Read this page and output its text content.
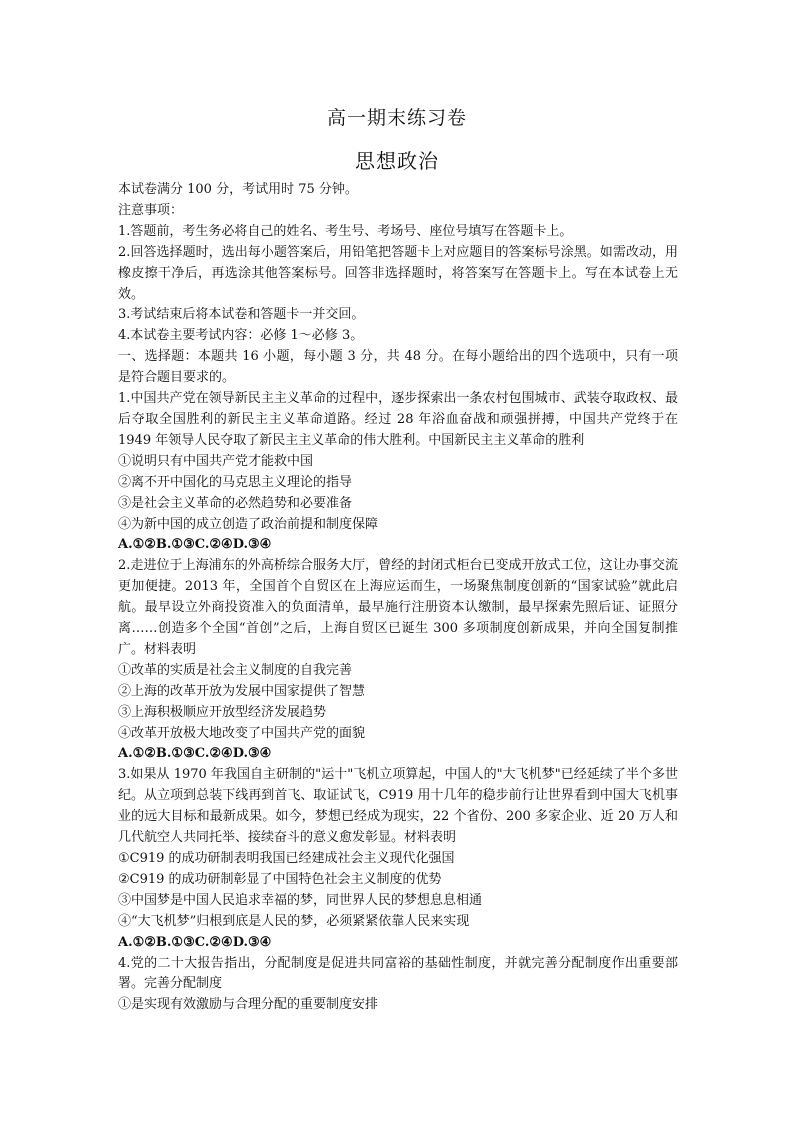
高一期末练习卷
思想政治

本试卷满分 100 分，考试用时 75 分钟。

注意事项：

1.答题前，考生务必将自己的姓名、考生号、考场号、座位号填写在答题卡上。

2.回答选择题时，选出每小题答案后，用铅笔把答题卡上对应题目的答案标号涂黑。如需改动，用橡皮擦干净后，再选涂其他答案标号。回答非选择题时，将答案写在答题卡上。写在本试卷上无效。

3.考试结束后将本试卷和答题卡一并交回。

4.本试卷主要考试内容：必修 1～必修 3。

一、选择题：本题共 16 小题，每小题 3 分，共 48 分。在每小题给出的四个选项中，只有一项是符合题目要求的。

1.中国共产党在领导新民主主义革命的过程中，逐步探索出一条农村包围城市、武装夺取政权、最后夺取全国胜利的新民主主义革命道路。经过 28 年浴血奋战和顽强拼搏，中国共产党终于在 1949 年领导人民夺取了新民主主义革命的伟大胜利。中国新民主主义革命的胜利

①说明只有中国共产党才能救中国

②离不开中国化的马克思主义理论的指导

③是社会主义革命的必然趋势和必要准备

④为新中国的成立创造了政治前提和制度保障

A.①②B.①③C.②④D.③④

2.走进位于上海浦东的外高桥综合服务大厅，曾经的封闭式柜台已变成开放式工位，这让办事交流更加便捷。2013 年，全国首个自贸区在上海应运而生，一场聚焦制度创新的“国家试验”就此启航。最早设立外商投资准入的负面清单，最早施行注册资本认缴制，最早探索先照后证、证照分离……创造多个全国“首创”之后，上海自贸区已诞生 300 多项制度创新成果，并向全国复制推广。材料表明

①改革的实质是社会主义制度的自我完善

②上海的改革开放为发展中国家提供了智慧

③上海积极顺应开放型经济发展趋势

④改革开放极大地改变了中国共产党的面貌

A.①②B.①③C.②④D.③④

3.如果从 1970 年我国自主研制的"运十"飞机立项算起，中国人的"大飞机梦"已经延续了半个多世纪。从立项到总装下线再到首飞、取证试飞，C919 用十几年的稳步前行让世界看到中国大飞机事业的远大目标和最新成果。如今，梦想已经成为现实，22 个省份、200 多家企业、近 20 万人和几代航空人共同托举、接续奋斗的意义愈发彰显。材料表明

①C919 的成功研制表明我国已经建成社会主义现代化强国

②C919 的成功研制彰显了中国特色社会主义制度的优势

③中国梦是中国人民追求幸福的梦，同世界人民的梦想息息相通

④“大飞机梦”归根到底是人民的梦，必须紧紧依靠人民来实现

A.①②B.①③C.②④D.③④

4.党的二十大报告指出，分配制度是促进共同富裕的基础性制度，并就完善分配制度作出重要部署。完善分配制度

①是实现有效激励与合理分配的重要制度安排
